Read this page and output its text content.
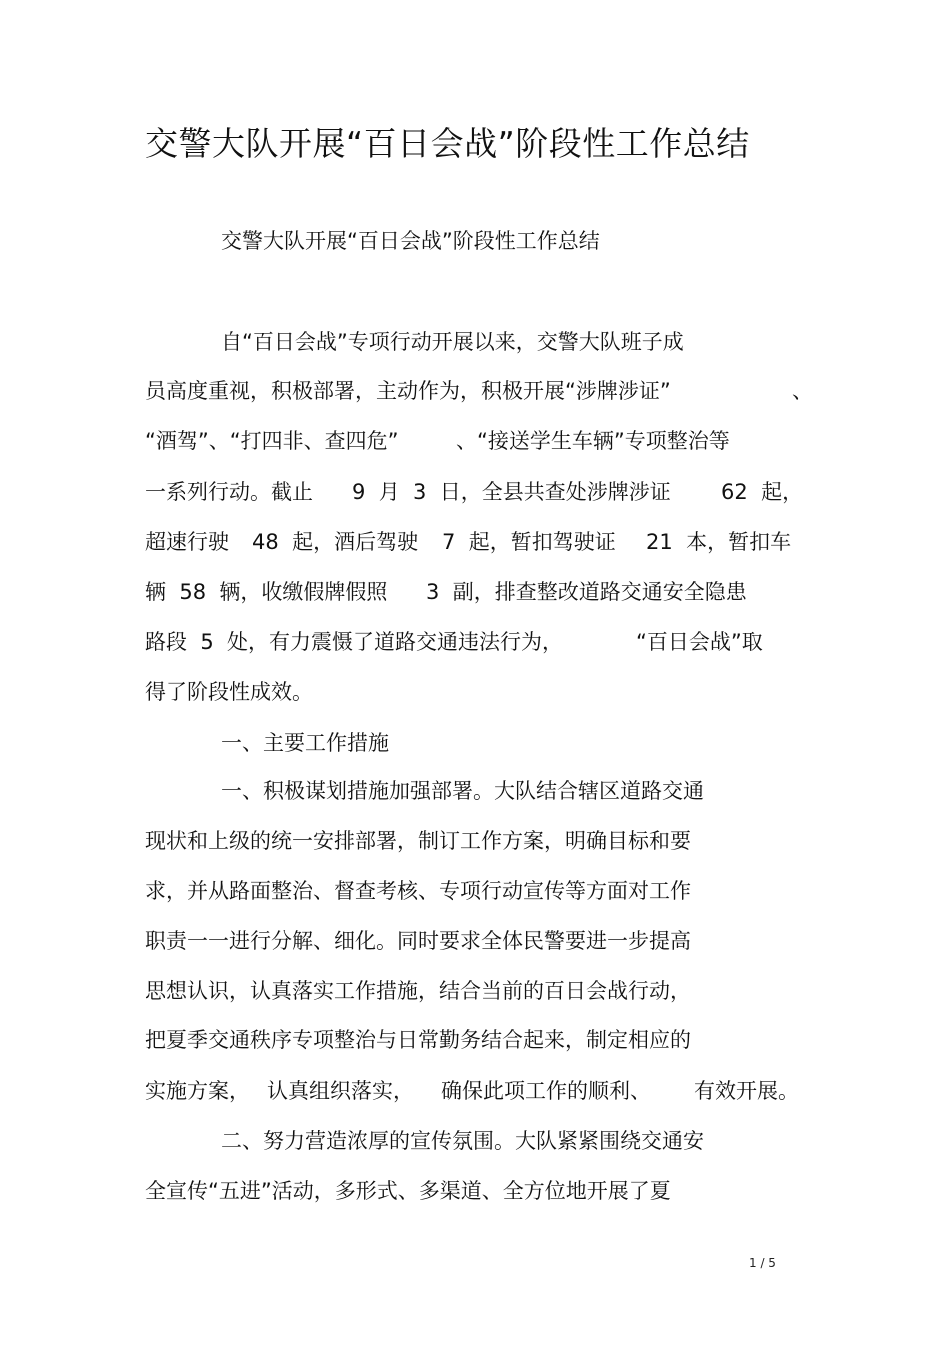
交警大队开展“百日会战”阶段性工作总结
交警大队开展“百日会战”阶段性工作总结
自“百日会战”专项行动开展以来，交警大队班子成
员高度重视，积极部署，主动作为，积极开展“涉牌涉证”	、
“酒驾”、“打四非、查四危”	、“接送学生车辆”专项整治等
一系列行动。截止 9  月  3  日，全县共查处涉牌涉证 62  起，
超速行驶 48  起，酒后驾驶 7  起，暂扣驾驶证 21  本，暂扣车
辆  58  辆，收缴假牌假照 3  副，排查整改道路交通安全隐患
路段  5  处，有力震慑了道路交通违法行为，	“百日会战”取
得了阶段性成效。
一、主要工作措施
一、积极谋划措施加强部署。大队结合辖区道路交通
现状和上级的统一安排部署，制订工作方案，明确目标和要
求，并从路面整治、督查考核、专项行动宣传等方面对工作
职责一一进行分解、细化。同时要求全体民警要进一步提高
思想认识，认真落实工作措施，结合当前的百日会战行动，
把夏季交通秩序专项整治与日常勤务结合起来，制定相应的
实施方案， 认真组织落实， 确保此项工作的顺利、 有效开展。
二、努力营造浓厚的宣传氛围。大队紧紧围绕交通安
全宣传“五进”活动，多形式、多渠道、全方位地开展了夏
1 / 5
